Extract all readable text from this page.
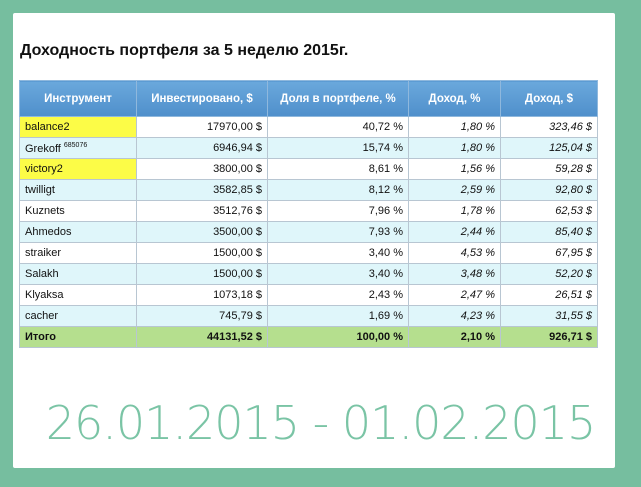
Доходность портфеля за 5 неделю 2015г.
Инструмент	Инвестировано, $	Доля в портфеле, %	Доход, %	Доход, $
balance2	17970,00 $	40,72 %	1,80 %	323,46 $
Grekoff $^{685076}$	6946,94 $	15,74 %	1,80 %	125,04 $
victory2	3800,00 $	8,61 %	1,56 %	59,28 $
twilligt	3582,85 $	8,12 %	2,59 %	92,80 $
Kuznets	3512,76 $	7,96 %	1,78 %	62,53 $
Ahmedos	3500,00 $	7,93 %	2,44 %	85,40 $
straiker	1500,00 $	3,40 %	4,53 %	67,95 $
Salakh	1500,00 $	3,40 %	3,48 %	52,20 $
Klyaksa	1073,18 $	2,43 %	2,47 %	26,51 $
cacher	745,79 $	1,69 %	4,23 %	31,55 $
Итого	44131,52 $	100,00 %	2,10 %	926,71 $
26.01.2015 - 01.02.2015
